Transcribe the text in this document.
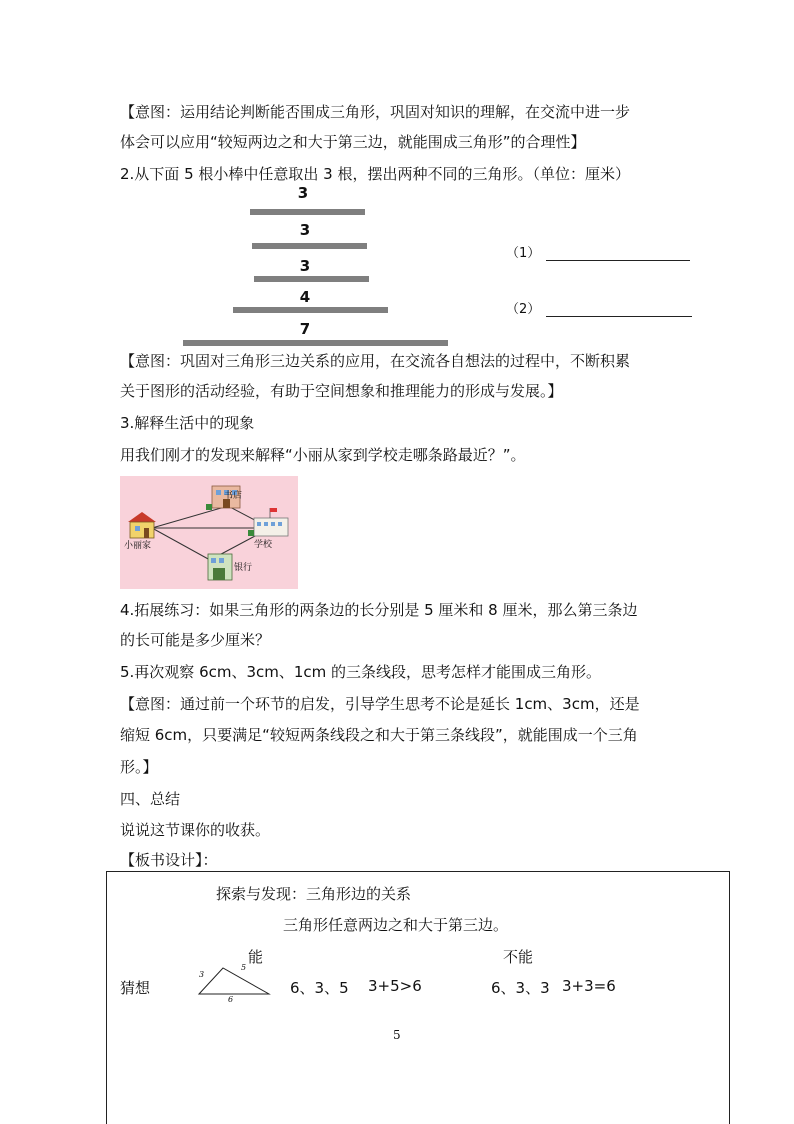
【意图：运用结论判断能否围成三角形，巩固对知识的理解，在交流中进一步
体会可以应用“较短两边之和大于第三边，就能围成三角形”的合理性】
2.从下面 5 根小棒中任意取出 3 根，摆出两种不同的三角形。（单位：厘米）
3
3
3
4
7
（1）
（2）
【意图：巩固对三角形三边关系的应用，在交流各自想法的过程中，不断积累
关于图形的活动经验，有助于空间想象和推理能力的形成与发展。】
3.解释生活中的现象
用我们刚才的发现来解释“小丽从家到学校走哪条路最近？”。
小丽家
书店
学校
银行
4.拓展练习：如果三角形的两条边的长分别是 5 厘米和 8 厘米，那么第三条边
的长可能是多少厘米？
5.再次观察 6cm、3cm、1cm 的三条线段，思考怎样才能围成三角形。
【意图：通过前一个环节的启发，引导学生思考不论是延长 1cm、3cm，还是
缩短 6cm，只要满足“较短两条线段之和大于第三条线段”，就能围成一个三角
形。】
四、总结
说说这节课你的收获。
【板书设计】：
探索与发现：三角形边的关系
三角形任意两边之和大于第三边。
能	不能
猜想
3
5
6
6、3、5 3+5>6	6、3、3 3+3=6
5
